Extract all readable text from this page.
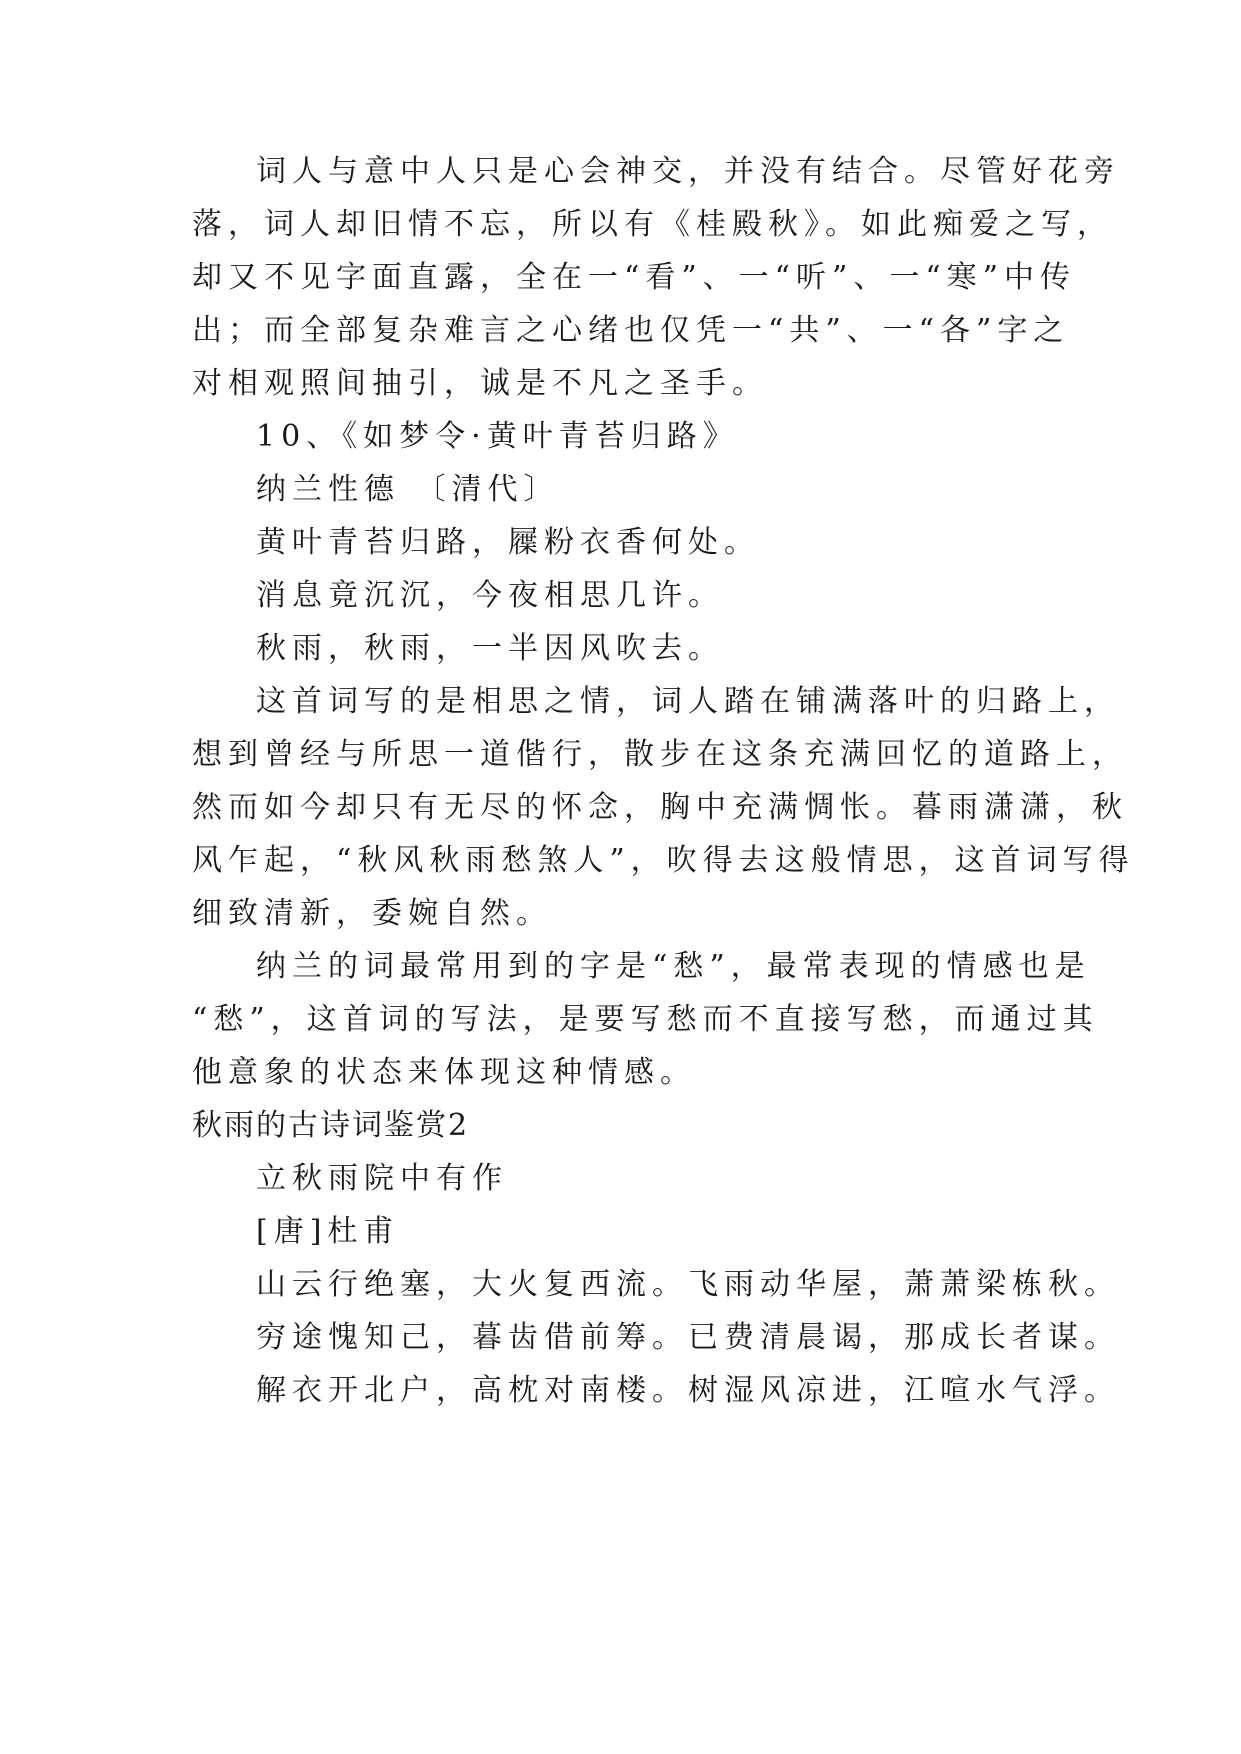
词人与意中人只是心会神交，并没有结合。尽管好花旁
落，词人却旧情不忘，所以有《桂殿秋》。如此痴爱之写，
却又不见字面直露，全在一“看”、一“听”、一“寒”中传
出；而全部复杂难言之心绪也仅凭一“共”、一“各”字之
对相观照间抽引，诚是不凡之圣手。
10、《如梦令·黄叶青苔归路》
纳兰性德 〔清代〕
黄叶青苔归路，屧粉衣香何处。
消息竟沉沉，今夜相思几许。
秋雨，秋雨，一半因风吹去。
这首词写的是相思之情，词人踏在铺满落叶的归路上，
想到曾经与所思一道偕行，散步在这条充满回忆的道路上，
然而如今却只有无尽的怀念，胸中充满惆怅。暮雨潇潇，秋
风乍起，“秋风秋雨愁煞人”，吹得去这般情思，这首词写得
细致清新，委婉自然。
纳兰的词最常用到的字是“愁”，最常表现的情感也是
“愁”，这首词的写法，是要写愁而不直接写愁，而通过其
他意象的状态来体现这种情感。
秋雨的古诗词鉴赏2
立秋雨院中有作
[唐]杜甫
山云行绝塞，大火复西流。飞雨动华屋，萧萧梁栋秋。
穷途愧知己，暮齿借前筹。已费清晨谒，那成长者谋。
解衣开北户，高枕对南楼。树湿风凉进，江喧水气浮。
